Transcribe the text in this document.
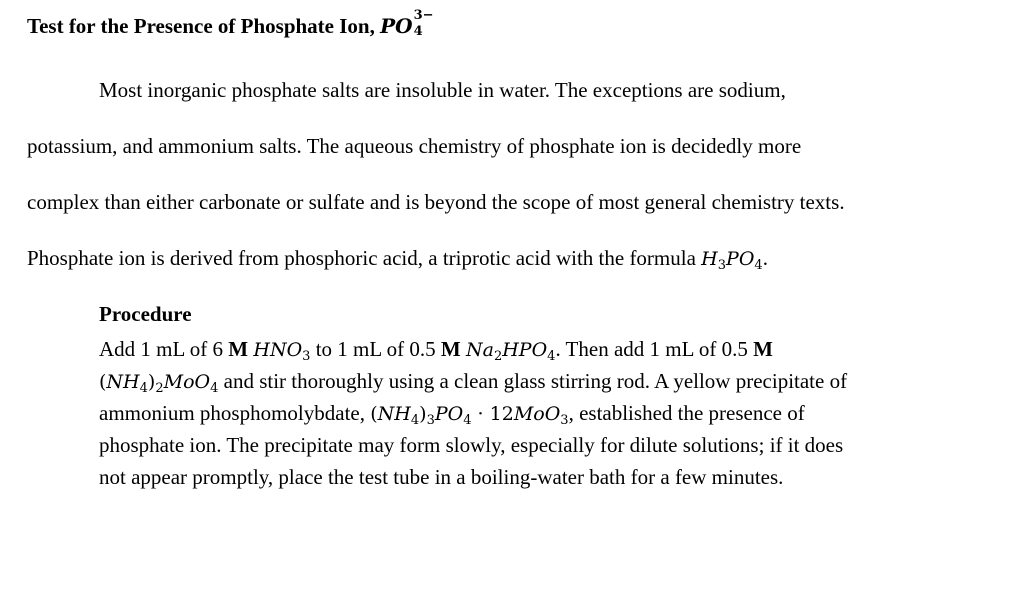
Test for the Presence of Phosphate Ion, PO 3−
4
Most inorganic phosphate salts are insoluble in water. The exceptions are sodium,
potassium, and ammonium salts. The aqueous chemistry of phosphate ion is decidedly more
complex than either carbonate or sulfate and is beyond the scope of most general chemistry texts.
Phosphate ion is derived from phosphoric acid, a triprotic acid with the formula $H_3PO_4$.
Procedure
Add 1 mL of 6 M $HNO_3$ to 1 mL of 0.5 M $Na_2HPO_4$. Then add 1 mL of 0.5 M
$(NH_4)_2MoO_4$ and stir thoroughly using a clean glass stirring rod. A yellow precipitate of
ammonium phosphomolybdate, $(NH_4)_3PO_4 \cdot 12MoO_3$, established the presence of
phosphate ion. The precipitate may form slowly, especially for dilute solutions; if it does
not appear promptly, place the test tube in a boiling-water bath for a few minutes.
